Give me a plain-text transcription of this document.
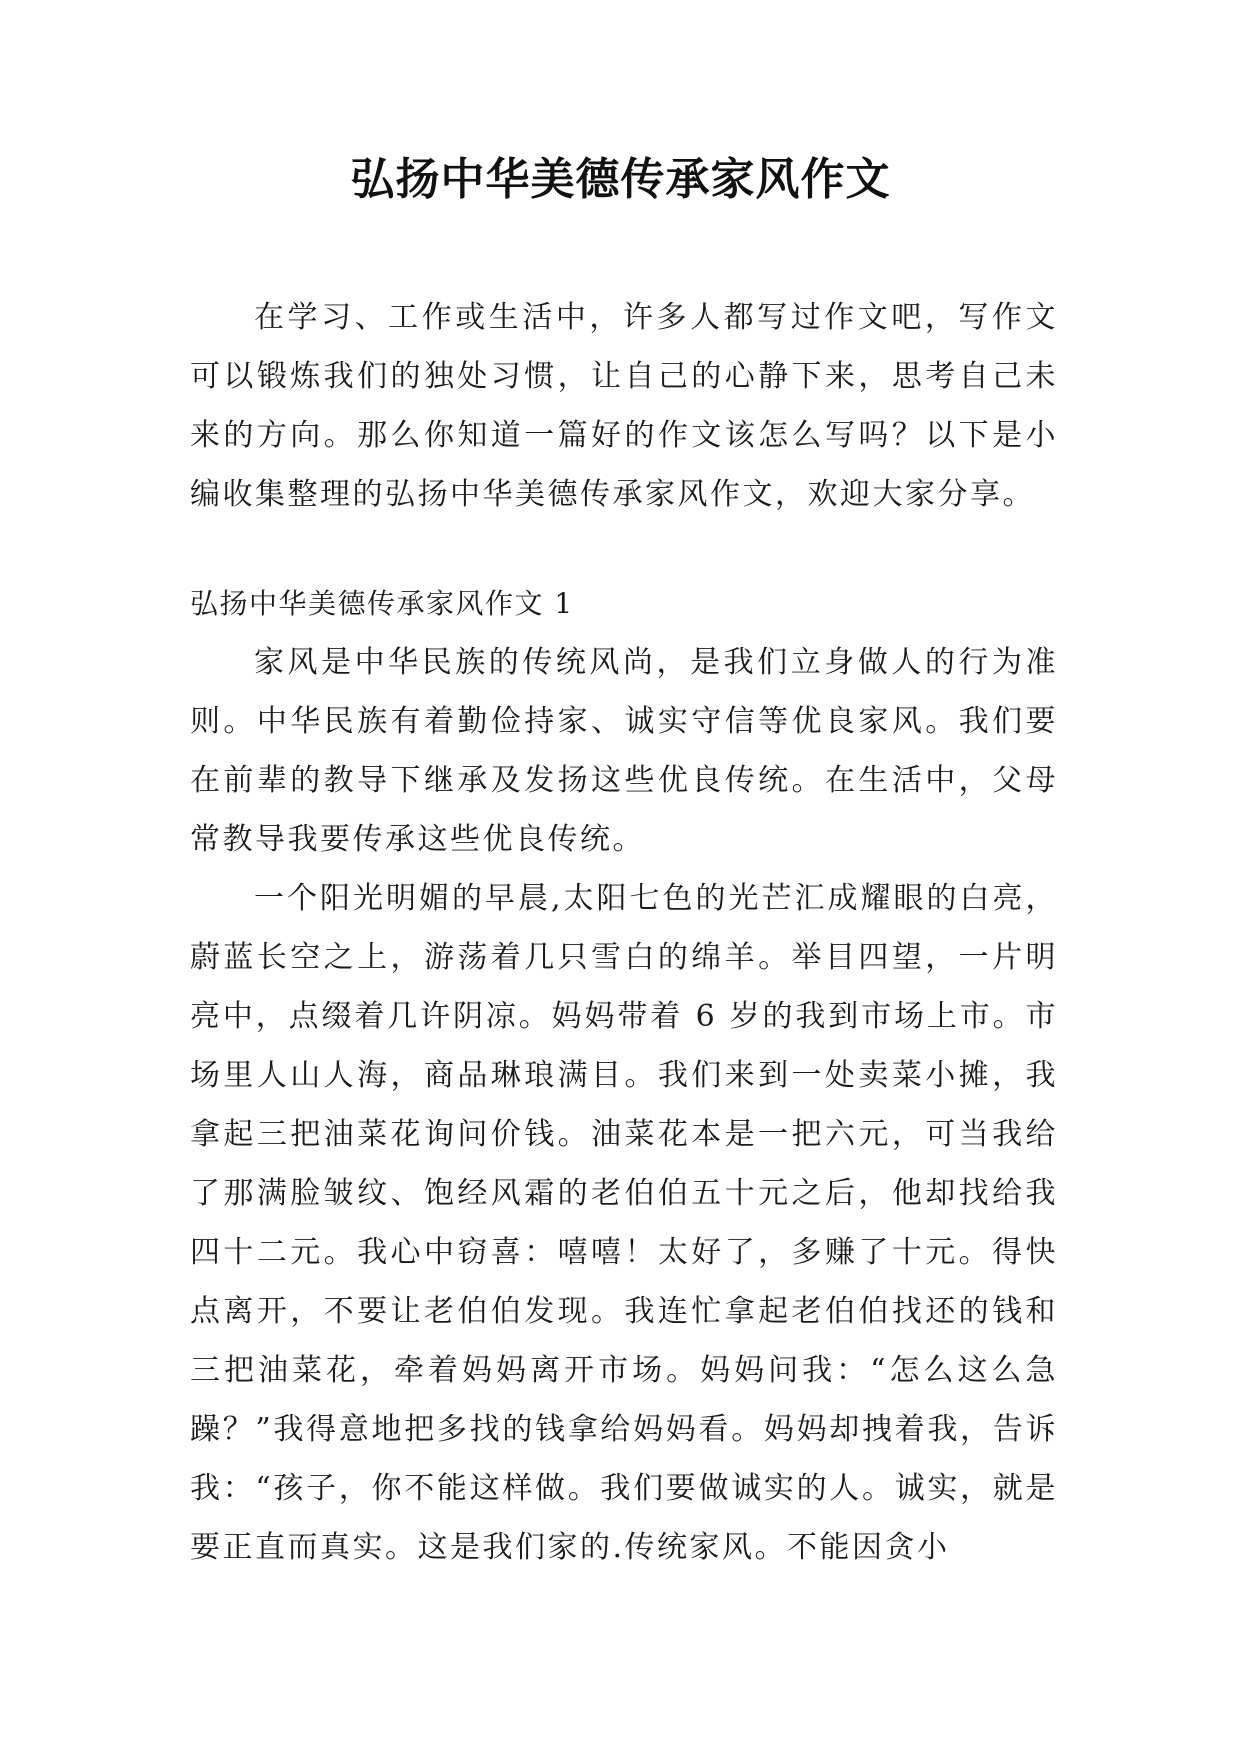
弘扬中华美德传承家风作文

在学习、工作或生活中，许多人都写过作文吧，写作文可以锻炼我们的独处习惯，让自己的心静下来，思考自己未来的方向。那么你知道一篇好的作文该怎么写吗？以下是小编收集整理的弘扬中华美德传承家风作文，欢迎大家分享。

弘扬中华美德传承家风作文 1

家风是中华民族的传统风尚，是我们立身做人的行为准则。中华民族有着勤俭持家、诚实守信等优良家风。我们要在前辈的教导下继承及发扬这些优良传统。在生活中，父母常教导我要传承这些优良传统。

一个阳光明媚的早晨,太阳七色的光芒汇成耀眼的白亮，蔚蓝长空之上，游荡着几只雪白的绵羊。举目四望，一片明亮中，点缀着几许阴凉。妈妈带着 6 岁的我到市场上市。市场里人山人海，商品琳琅满目。我们来到一处卖菜小摊，我拿起三把油菜花询问价钱。油菜花本是一把六元，可当我给了那满脸皱纹、饱经风霜的老伯伯五十元之后，他却找给我四十二元。我心中窃喜：嘻嘻！太好了，多赚了十元。得快点离开，不要让老伯伯发现。我连忙拿起老伯伯找还的钱和三把油菜花，牵着妈妈离开市场。妈妈问我：“怎么这么急躁？”我得意地把多找的钱拿给妈妈看。妈妈却拽着我，告诉我：“孩子，你不能这样做。我们要做诚实的人。诚实，就是要正直而真实。这是我们家的.传统家风。不能因贪小
